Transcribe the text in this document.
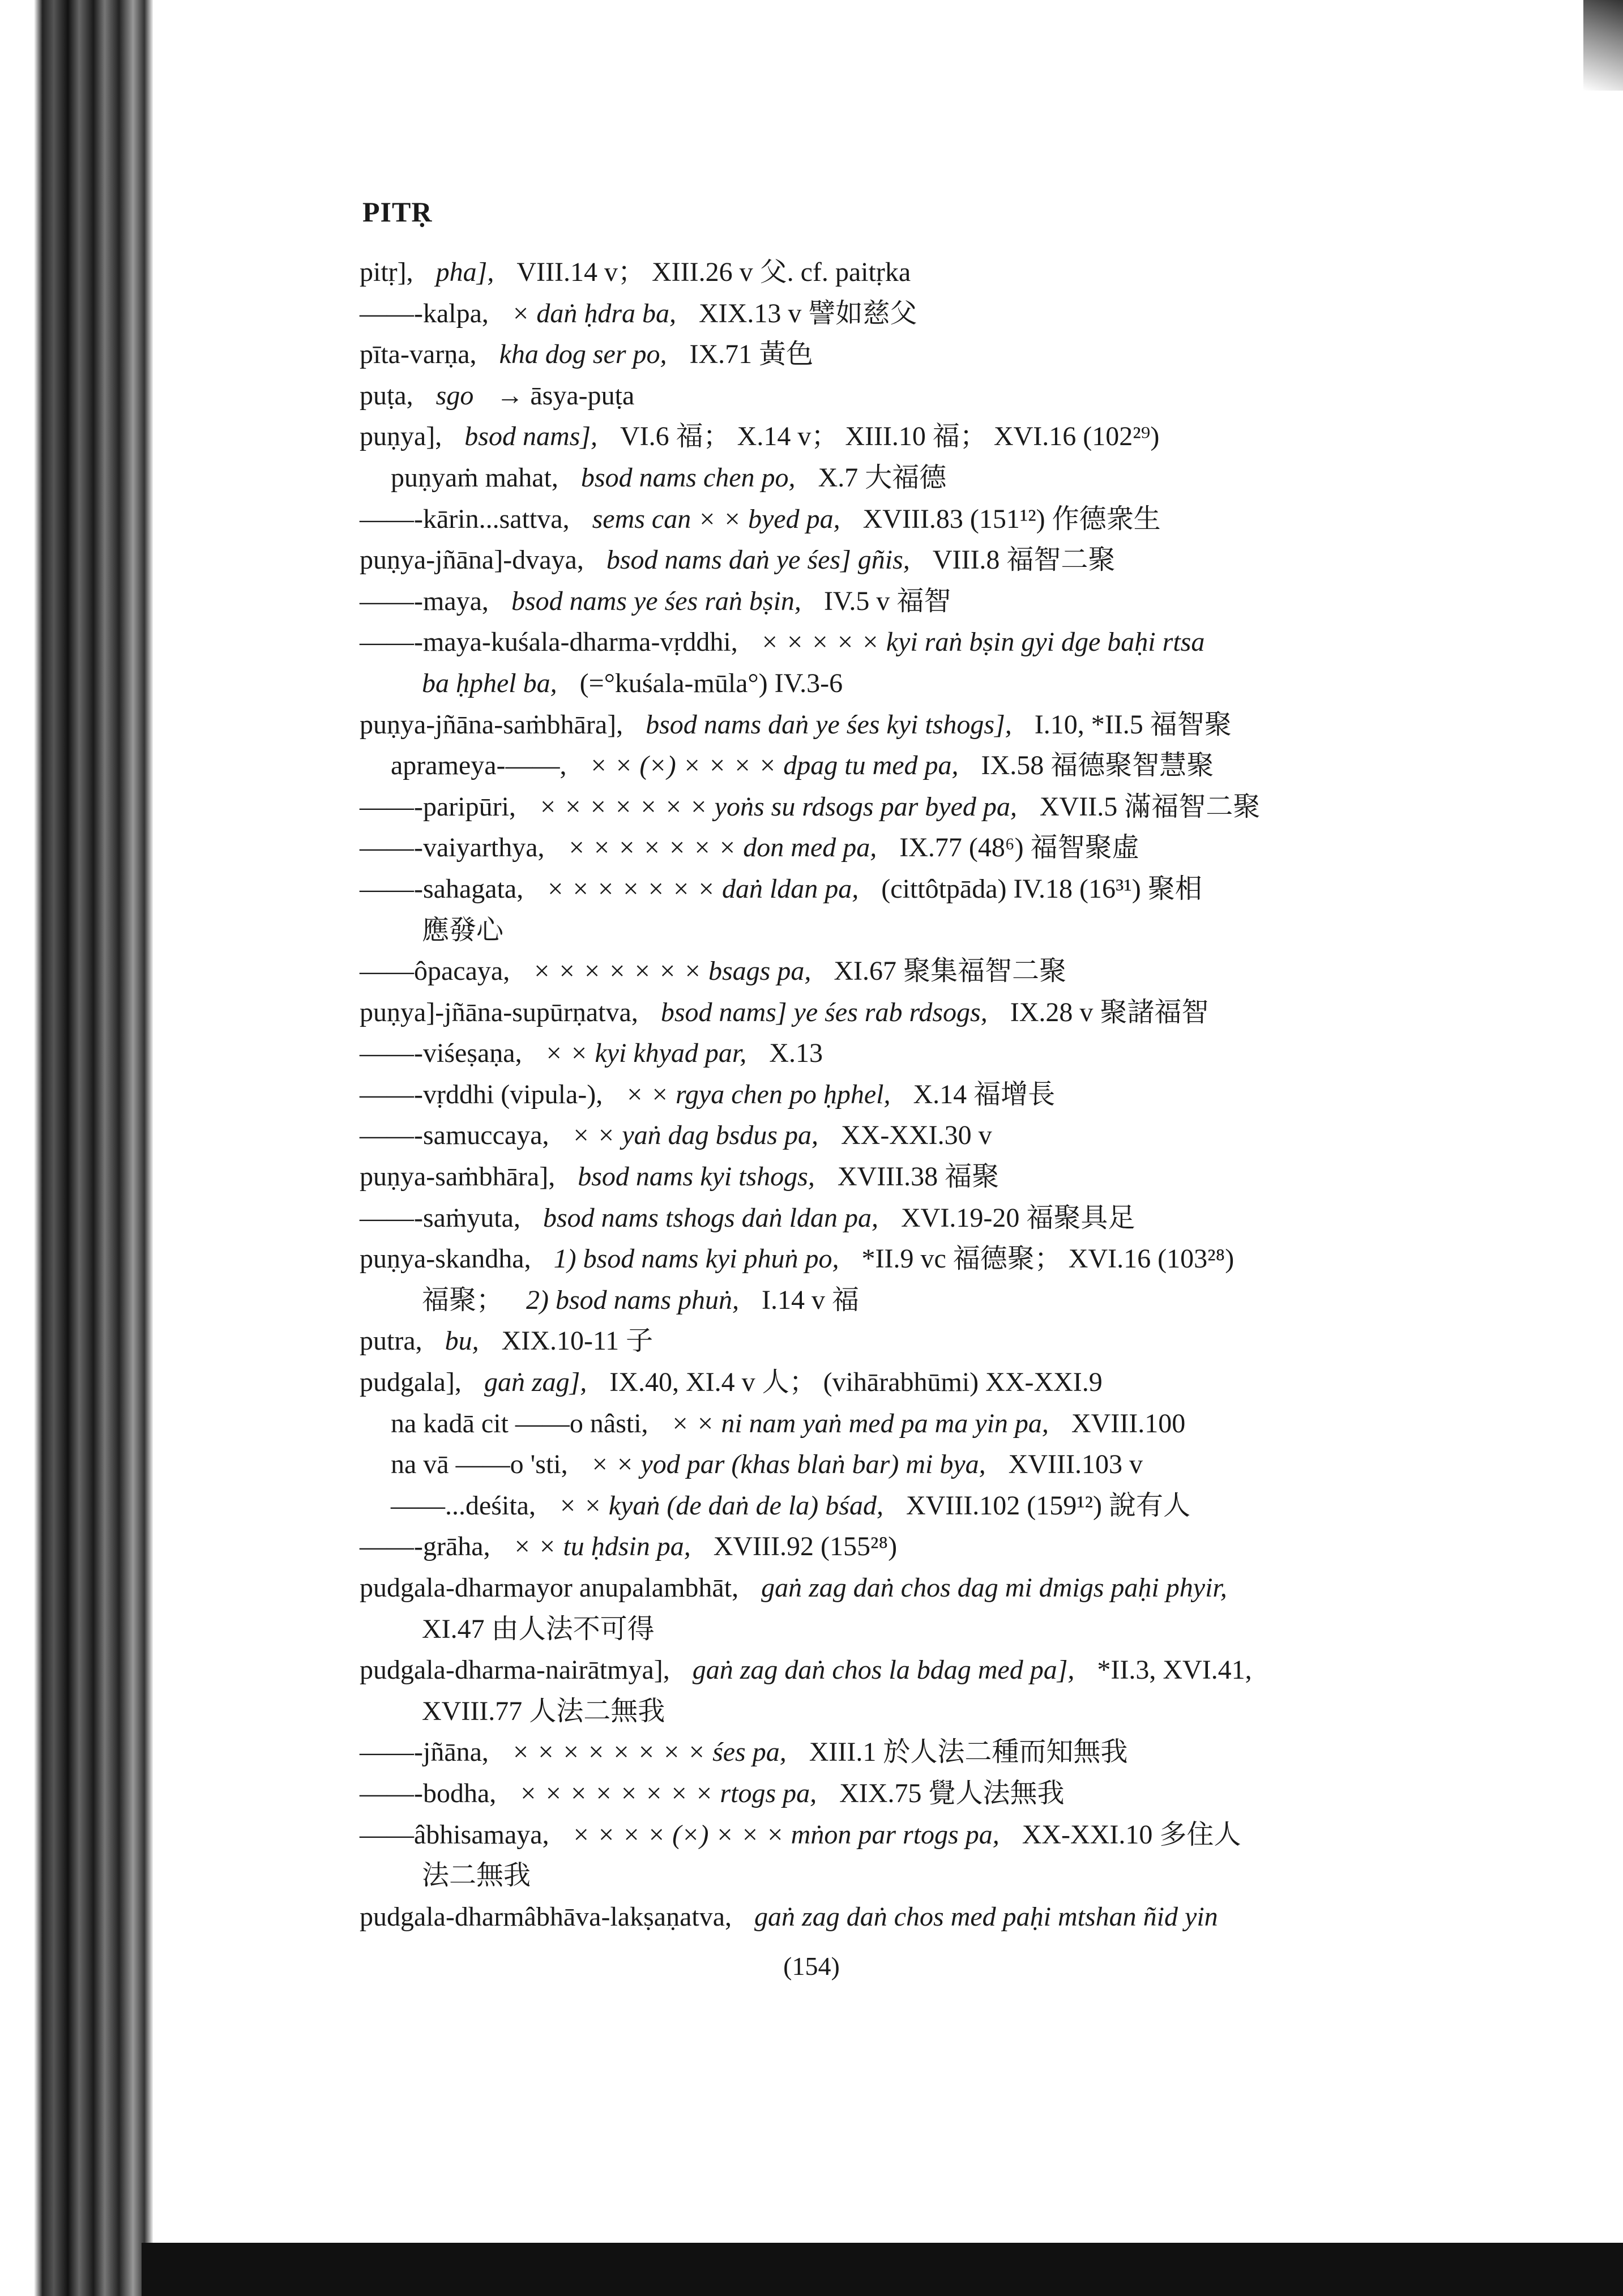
PITṚ
pitṛ], pha], VIII.14 v； XIII.26 v 父. cf. paitṛka
——-kalpa, × daṅ ḥdra ba, XIX.13 v 譬如慈父
pīta-varṇa, kha dog ser po, IX.71 黃色
puṭa, sgo → āsya-puṭa
puṇya], bsod nams], VI.6 福； X.14 v； XIII.10 福； XVI.16 (102²⁹)
puṇyaṁ mahat, bsod nams chen po, X.7 大福德
——-kārin...sattva, sems can × × byed pa, XVIII.83 (151¹²) 作德衆生
puṇya-jñāna]-dvaya, bsod nams daṅ ye śes] gñis, VIII.8 福智二聚
——-maya, bsod nams ye śes raṅ bṣin, IV.5 v 福智
——-maya-kuśala-dharma-vṛddhi, × × × × × kyi raṅ bṣin gyi dge baḥi rtsa
ba ḥphel ba, (=°kuśala-mūla°) IV.3-6
puṇya-jñāna-saṁbhāra], bsod nams daṅ ye śes kyi tshogs], I.10, *II.5 福智聚
aprameya-——, × × (×) × × × × dpag tu med pa, IX.58 福德聚智慧聚
——-paripūri, × × × × × × × yoṅs su rdsogs par byed pa, XVII.5 滿福智二聚
——-vaiyarthya, × × × × × × × don med pa, IX.77 (48⁶) 福智聚虛
——-sahagata, × × × × × × × daṅ ldan pa, (cittôtpāda) IV.18 (16³¹) 聚相
應發心
——ôpacaya, × × × × × × × bsags pa, XI.67 聚集福智二聚
puṇya]-jñāna-supūrṇatva, bsod nams] ye śes rab rdsogs, IX.28 v 聚諸福智
——-viśeṣaṇa, × × kyi khyad par, X.13
——-vṛddhi (vipula-), × × rgya chen po ḥphel, X.14 福增長
——-samuccaya, × × yaṅ dag bsdus pa, XX-XXI.30 v
puṇya-saṁbhāra], bsod nams kyi tshogs, XVIII.38 福聚
——-saṁyuta, bsod nams tshogs daṅ ldan pa, XVI.19-20 福聚具足
puṇya-skandha, 1) bsod nams kyi phuṅ po, *II.9 vc 福德聚； XVI.16 (103²⁸)
福聚； 2) bsod nams phuṅ, I.14 v 福
putra, bu, XIX.10-11 子
pudgala], gaṅ zag], IX.40, XI.4 v 人； (vihārabhūmi) XX-XXI.9
na kadā cit ——o nâsti, × × ni nam yaṅ med pa ma yin pa, XVIII.100
na vā ——o 'sti, × × yod par (khas blaṅ bar) mi bya, XVIII.103 v
——...deśita, × × kyaṅ (de daṅ de la) bśad, XVIII.102 (159¹²) 說有人
——-grāha, × × tu ḥdsin pa, XVIII.92 (155²⁸)
pudgala-dharmayor anupalambhāt, gaṅ zag daṅ chos dag mi dmigs paḥi phyir,
XI.47 由人法不可得
pudgala-dharma-nairātmya], gaṅ zag daṅ chos la bdag med pa], *II.3, XVI.41,
XVIII.77 人法二無我
——-jñāna, × × × × × × × × śes pa, XIII.1 於人法二種而知無我
——-bodha, × × × × × × × × rtogs pa, XIX.75 覺人法無我
——âbhisamaya, × × × × (×) × × × mṅon par rtogs pa, XX-XXI.10 多住人
法二無我
pudgala-dharmâbhāva-lakṣaṇatva, gaṅ zag daṅ chos med paḥi mtshan ñid yin
(154)
